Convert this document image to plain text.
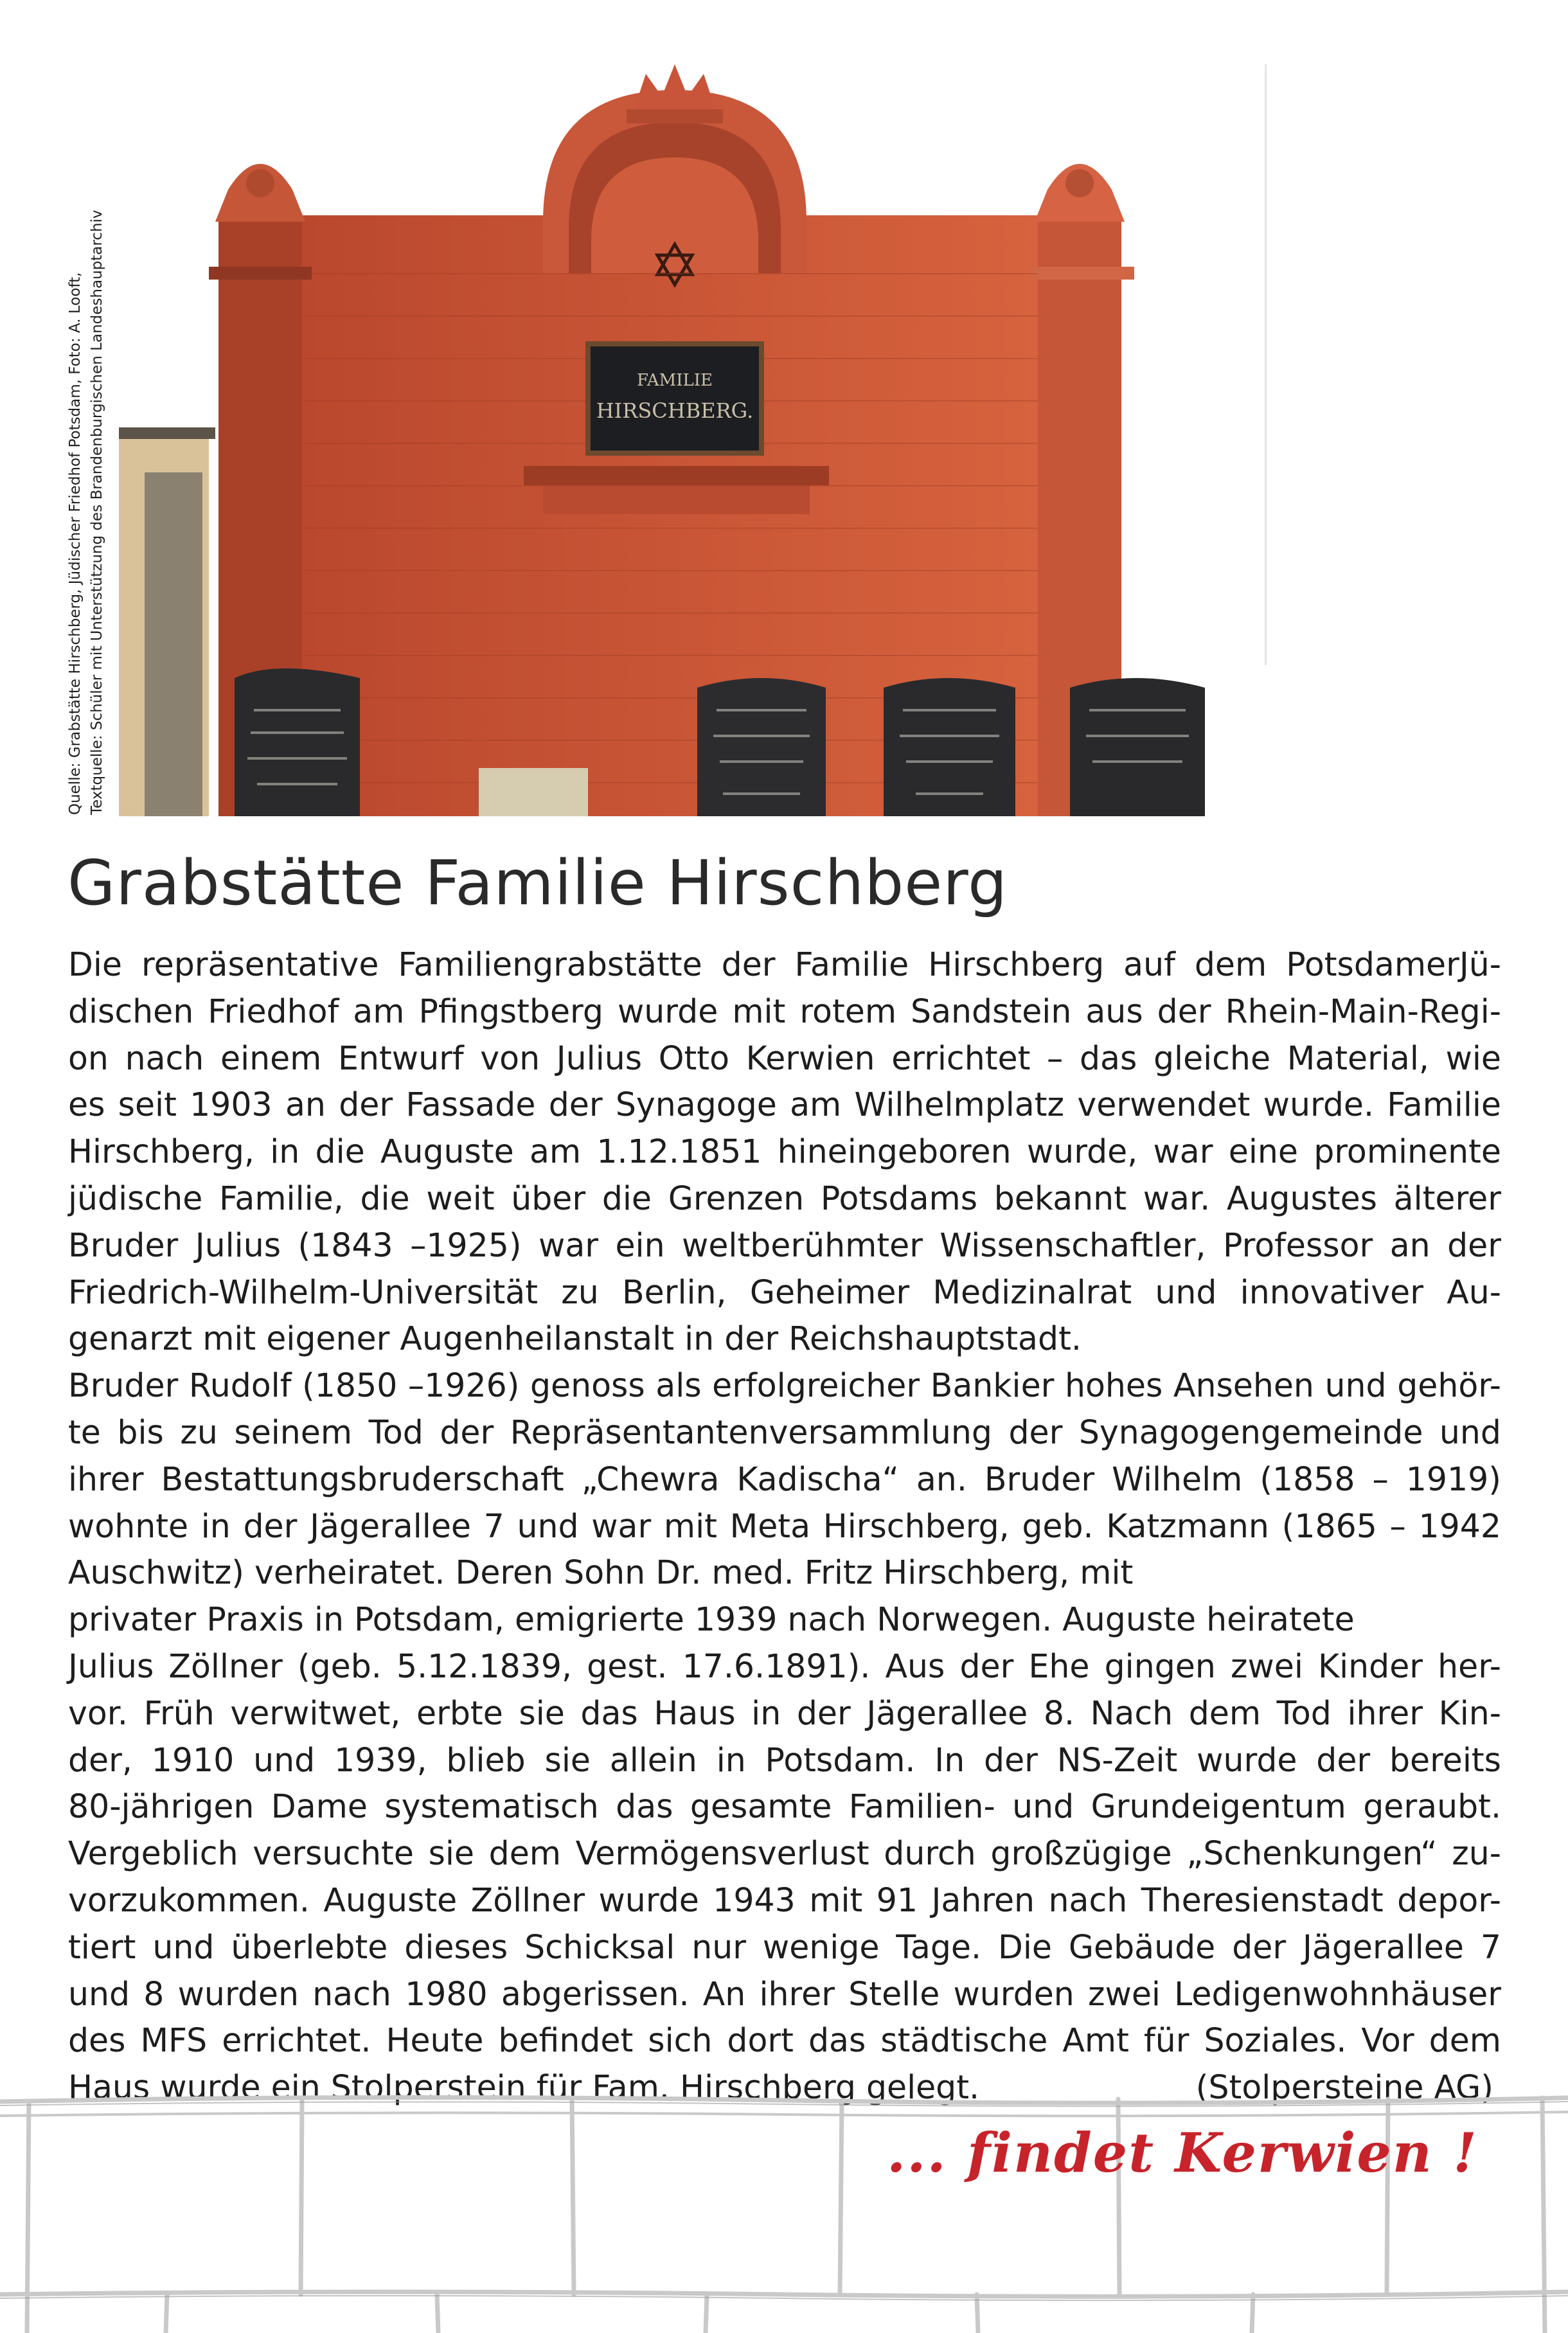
Quelle: Grabstätte Hirschberg, Jüdischer Friedhof Potsdam, Foto: A. Looft, Textquelle: Schüler mit Unterstützung des Brandenburgischen Landeshauptarchiv	FAMILIE
HIRSCHBERG.
Grabstätte Familie Hirschberg
Die repräsentative Familiengrabstätte der Familie Hirschberg auf dem PotsdamerJü-
dischen Friedhof am Pfingstberg wurde mit rotem Sandstein aus der Rhein-Main-Regi-
on nach einem Entwurf von Julius Otto Kerwien errichtet – das gleiche Material, wie
es seit 1903 an der Fassade der Synagoge am Wilhelmplatz verwendet wurde. Familie
Hirschberg, in die Auguste am 1.12.1851 hineingeboren wurde, war eine prominente
jüdische Familie, die weit über die Grenzen Potsdams bekannt war. Augustes älterer
Bruder Julius (1843 –1925) war ein weltberühmter Wissenschaftler, Professor an der
Friedrich-Wilhelm-Universität zu Berlin, Geheimer Medizinalrat und innovativer Au-
genarzt mit eigener Augenheilanstalt in der Reichshauptstadt.
Bruder Rudolf (1850 –1926) genoss als erfolgreicher Bankier hohes Ansehen und gehör-
te bis zu seinem Tod der Repräsentantenversammlung der Synagogengemeinde und
ihrer Bestattungsbruderschaft „Chewra Kadischa“ an. Bruder Wilhelm (1858 – 1919)
wohnte in der Jägerallee 7 und war mit Meta Hirschberg, geb. Katzmann (1865 – 1942
Auschwitz) verheiratet. Deren Sohn Dr. med. Fritz Hirschberg, mit
privater Praxis in Potsdam, emigrierte 1939 nach Norwegen. Auguste heiratete
Julius Zöllner (geb. 5.12.1839, gest. 17.6.1891). Aus der Ehe gingen zwei Kinder her-
vor. Früh verwitwet, erbte sie das Haus in der Jägerallee 8. Nach dem Tod ihrer Kin-
der, 1910 und 1939, blieb sie allein in Potsdam. In der NS-Zeit wurde der bereits
80-jährigen Dame systematisch das gesamte Familien- und Grundeigentum geraubt.
Vergeblich versuchte sie dem Vermögensverlust durch großzügige „Schenkungen“ zu-
vorzukommen. Auguste Zöllner wurde 1943 mit 91 Jahren nach Theresienstadt depor-
tiert und überlebte dieses Schicksal nur wenige Tage. Die Gebäude der Jägerallee 7
und 8 wurden nach 1980 abgerissen. An ihrer Stelle wurden zwei Ledigenwohnhäuser
des MFS errichtet. Heute befindet sich dort das städtische Amt für Soziales. Vor dem
Haus wurde ein Stolperstein für Fam. Hirschberg gelegt.	(Stolpersteine AG)
... findet Kerwien !
